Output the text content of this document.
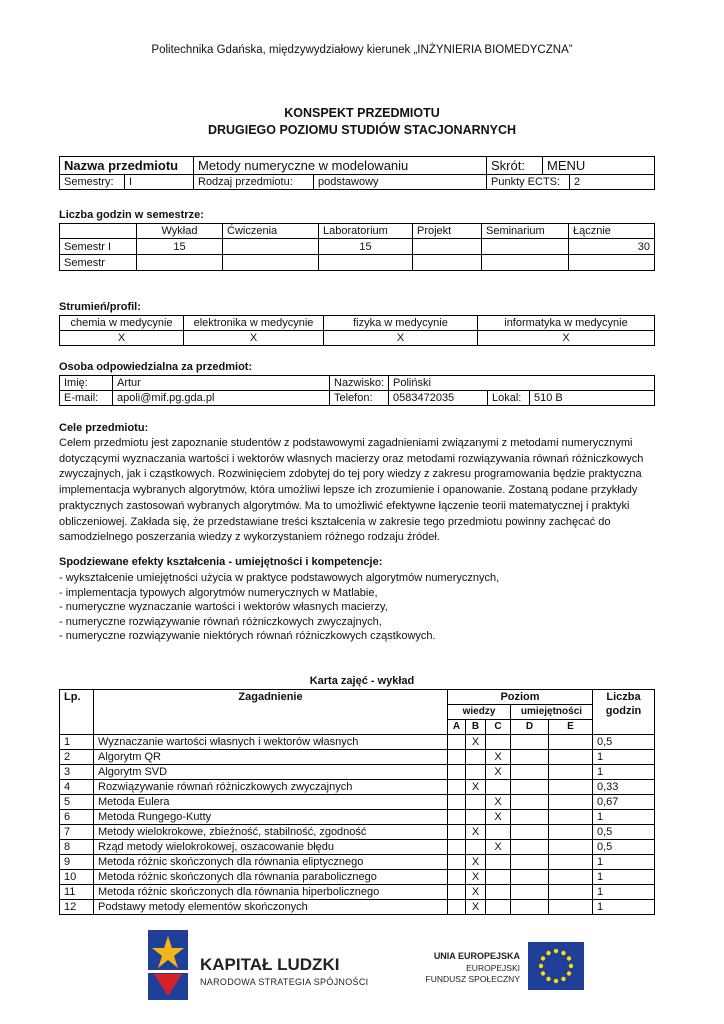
Politechnika Gdańska, międzywydziałowy kierunek „INŻYNIERIA BIOMEDYCZNA”
KONSPEKT PRZEDMIOTU
DRUGIEGO POZIOMU STUDIÓW STACJONARNYCH
Nazwa przedmiotu		Metody numeryczne w modelowaniu		Skrót:	MENU	
Semestry:	I	Rodzaj przedmiotu:	podstawowy	Punkty ECTS:		2
Liczba godzin w semestrze:
	Wykład	Ćwiczenia	Laboratorium	Projekt	Seminarium	Łącznie
Semestr I	15		15			30
Semestr						
Strumień/profil:
chemia w medycynie	elektronika w medycynie	fizyka w medycynie	informatyka w medycynie
X	X	X	X
Osoba odpowiedzialna za przedmiot:
Imię:	Artur	Nazwisko:	Poliński		
E-mail:	apoli@mif.pg.gda.pl	Telefon:	0583472035	Lokal:	510 B
Cele przedmiotu:
Celem przedmiotu jest zapoznanie studentów z podstawowymi zagadnieniami związanymi z metodami numerycznymi
dotyczącymi wyznaczania wartości i wektorów własnych macierzy oraz metodami rozwiązywania równań różniczkowych
zwyczajnych, jak i cząstkowych. Rozwinięciem zdobytej do tej pory wiedzy z zakresu programowania będzie praktyczna
implementacja wybranych algorytmów, która umożliwi lepsze ich zrozumienie i opanowanie. Zostaną podane przykłady
praktycznych zastosowań wybranych algorytmów. Ma to umożliwić efektywne łączenie teorii matematycznej i praktyki
obliczeniowej. Zakłada się, że przedstawiane treści kształcenia w zakresie tego przedmiotu powinny zachęcać do
samodzielnego poszerzania wiedzy z wykorzystaniem różnego rodzaju źródeł.
Spodziewane efekty kształcenia - umiejętności i kompetencje:
- wykształcenie umiejętności użycia w praktyce podstawowych algorytmów numerycznych,
- implementacja typowych algorytmów numerycznych w Matlabie,
- numeryczne wyznaczanie wartości i wektorów własnych macierzy,
- numeryczne rozwiązywanie równań różniczkowych zwyczajnych,
- numeryczne rozwiązywanie niektórych równań różniczkowych cząstkowych.
Karta zajęć - wykład
Lp.	Zagadnienie	Poziom					Liczba godzin
		wiedzy			umiejętności		
		A	B	C	D	E	
1	Wyznaczanie wartości własnych i wektorów własnych		X				0,5
2	Algorytm QR			X			1
3	Algorytm SVD			X			1
4	Rozwiązywanie równań różniczkowych zwyczajnych		X				0,33
5	Metoda Eulera			X			0,67
6	Metoda Rungego-Kutty			X			1
7	Metody wielokrokowe, zbieżność, stabilność, zgodność		X				0,5
8	Rząd metody wielokrokowej, oszacowanie błędu			X			0,5
9	Metoda różnic skończonych dla równania eliptycznego		X				1
10	Metoda różnic skończonych dla równania parabolicznego		X				1
11	Metoda różnic skończonych dla równania hiperbolicznego		X				1
12	Podstawy metody elementów skończonych		X				1
KAPITAŁ LUDZKI
NARODOWA STRATEGIA SPÓJNOŚCI
UNIA EUROPEJSKA
EUROPEJSKI
FUNDUSZ SPOŁECZNY
